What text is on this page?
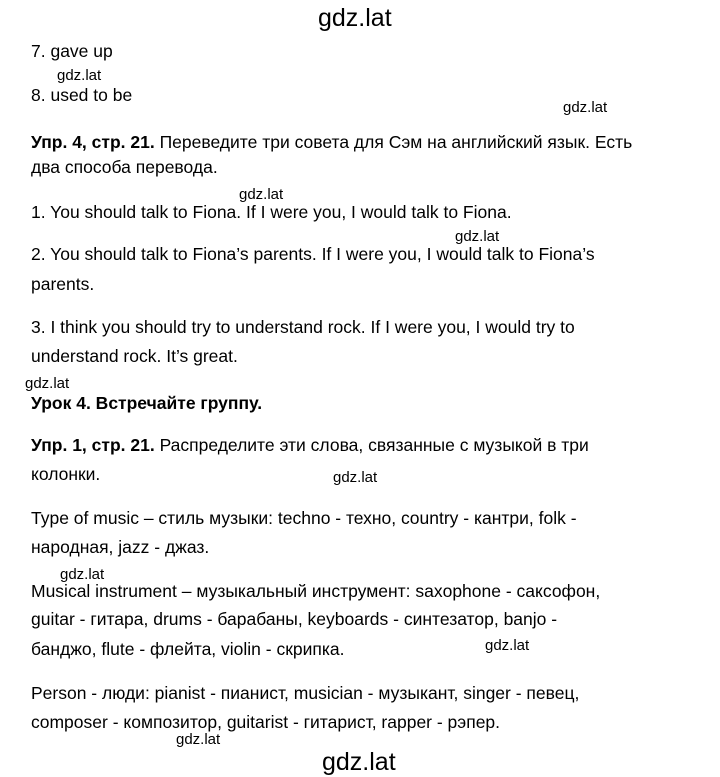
gdz.lat
gdz.lat
gdz.lat
gdz.lat
gdz.lat
gdz.lat
gdz.lat
gdz.lat
gdz.lat
gdz.lat
gdz.lat
7. gave up
8. used to be
Упр. 4, стр. 21. Переведите три совета для Сэм на английский язык. Есть
два способа перевода.
1. You should talk to Fiona. If I were you, I would talk to Fiona.
2. You should talk to Fiona’s parents. If I were you, I would talk to Fiona’s
parents.
3. I think you should try to understand rock. If I were you, I would try to
understand rock. It’s great.
Урок 4. Встречайте группу.
Упр. 1, стр. 21. Распределите эти слова, связанные с музыкой в три
колонки.
Type of music – стиль музыки: techno - техно, country - кантри, folk -
народная, jazz - джаз.
Musical instrument – музыкальный инструмент: saxophone - саксофон,
guitar - гитара, drums - барабаны, keyboards - синтезатор, banjo -
банджо, flute - флейта, violin - скрипка.
Person - люди: pianist - пианист, musician - музыкант, singer - певец,
composer - композитор, guitarist - гитарист, rapper - рэпер.
